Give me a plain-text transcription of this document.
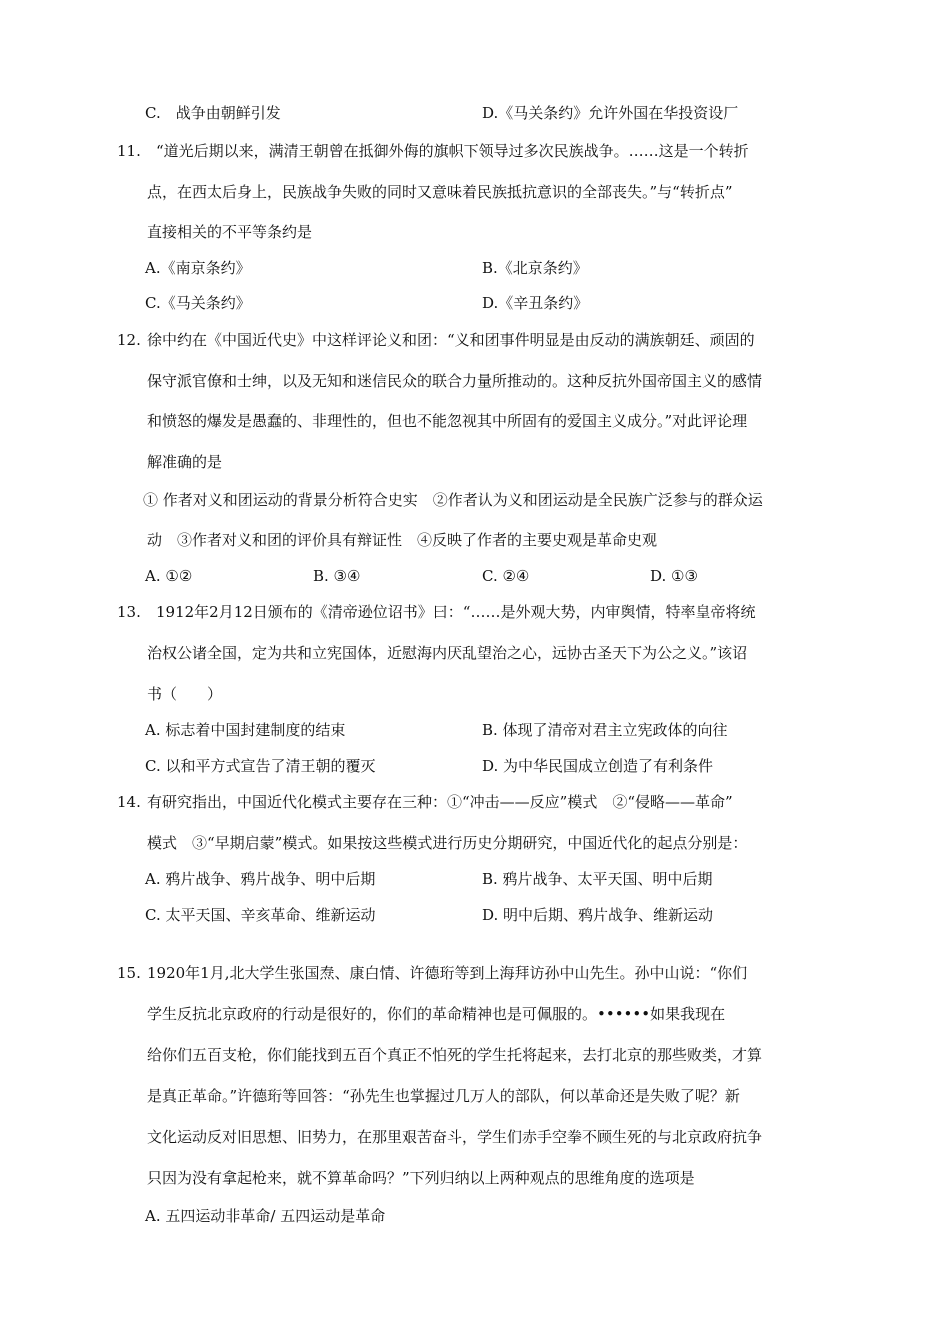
C.　战争由朝鲜引发	D.《马关条约》允许外国在华投资设厂
11. “道光后期以来，满清王朝曾在抵御外侮的旗帜下领导过多次民族战争。……这是一个转折
点，在西太后身上，民族战争失败的同时又意味着民族抵抗意识的全部丧失。”与“转折点”
直接相关的不平等条约是
A.《南京条约》	B.《北京条约》
C.《马关条约》	D.《辛丑条约》
12. 徐中约在《中国近代史》中这样评论义和团：“义和团事件明显是由反动的满族朝廷、顽固的
保守派官僚和士绅，以及无知和迷信民众的联合力量所推动的。这种反抗外国帝国主义的感情
和愤怒的爆发是愚蠢的、非理性的，但也不能忽视其中所固有的爱国主义成分。”对此评论理
解准确的是
① 作者对义和团运动的背景分析符合史实　②作者认为义和团运动是全民族广泛参与的群众运
动　③作者对义和团的评价具有辩证性　④反映了作者的主要史观是革命史观
A. ①②	B. ③④	C. ②④	D. ①③
13. 1912年2月12日颁布的《清帝逊位诏书》曰：“……是外观大势，内审舆情，特率皇帝将统
治权公诸全国，定为共和立宪国体，近慰海内厌乱望治之心，远协古圣天下为公之义。”该诏
书（　　）
A. 标志着中国封建制度的结束	B. 体现了清帝对君主立宪政体的向往
C. 以和平方式宣告了清王朝的覆灭	D. 为中华民国成立创造了有利条件
14. 有研究指出，中国近代化模式主要存在三种：①“冲击——反应”模式　②“侵略——革命”
模式　③“早期启蒙”模式。如果按这些模式进行历史分期研究，中国近代化的起点分别是：
A. 鸦片战争、鸦片战争、明中后期	B. 鸦片战争、太平天国、明中后期
C. 太平天国、辛亥革命、维新运动	D. 明中后期、鸦片战争、维新运动
15. 1920年1月,北大学生张国焘、康白情、许德珩等到上海拜访孙中山先生。孙中山说：“你们
学生反抗北京政府的行动是很好的，你们的革命精神也是可佩服的。••••••如果我现在
给你们五百支枪，你们能找到五百个真正不怕死的学生托将起来，去打北京的那些败类，才算
是真正革命。”许德珩等回答：“孙先生也掌握过几万人的部队，何以革命还是失败了呢？新
文化运动反对旧思想、旧势力，在那里艰苦奋斗，学生们赤手空拳不顾生死的与北京政府抗争
只因为没有拿起枪来，就不算革命吗？”下列归纳以上两种观点的思维角度的选项是
A. 五四运动非革命/ 五四运动是革命
